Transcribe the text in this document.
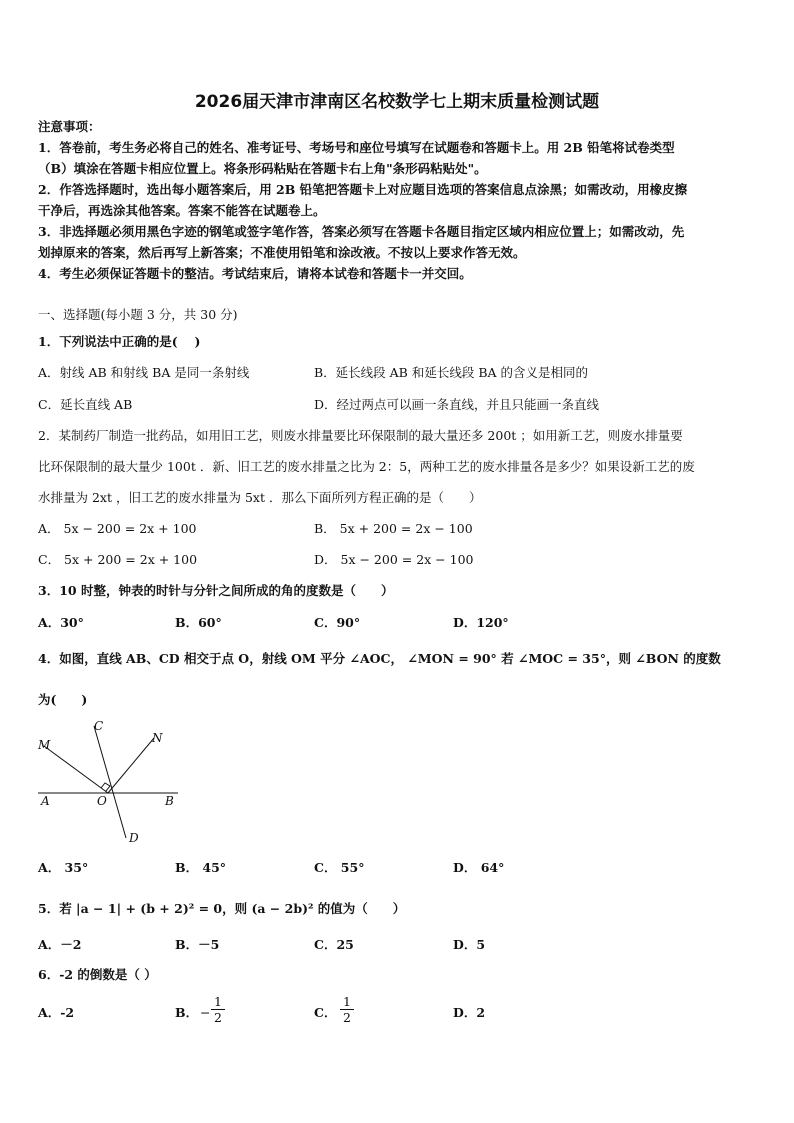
2026届天津市津南区名校数学七上期末质量检测试题
注意事项：
1．答卷前，考生务必将自己的姓名、准考证号、考场号和座位号填写在试题卷和答题卡上。用 2B 铅笔将试卷类型
（B）填涂在答题卡相应位置上。将条形码粘贴在答题卡右上角"条形码粘贴处"。
2．作答选择题时，选出每小题答案后，用 2B 铅笔把答题卡上对应题目选项的答案信息点涂黑；如需改动，用橡皮擦
干净后，再选涂其他答案。答案不能答在试题卷上。
3．非选择题必须用黑色字迹的钢笔或签字笔作答，答案必须写在答题卡各题目指定区域内相应位置上；如需改动，先
划掉原来的答案，然后再写上新答案；不准使用铅笔和涂改液。不按以上要求作答无效。
4．考生必须保证答题卡的整洁。考试结束后，请将本试卷和答题卡一并交回。
一、选择题(每小题 3 分，共 30 分)
1．下列说法中正确的是(　 )
A．射线 AB 和射线 BA 是同一条射线	B．延长线段 AB 和延长线段 BA 的含义是相同的
C．延长直线 AB	D．经过两点可以画一条直线，并且只能画一条直线
2．某制药厂制造一批药品，如用旧工艺，则废水排量要比环保限制的最大量还多 200t ；如用新工艺，则废水排量要
比环保限制的最大量少 100t ．新、旧工艺的废水排量之比为 2：5，两种工艺的废水排量各是多少？如果设新工艺的废
水排量为 2xt ，旧工艺的废水排量为 5xt ．那么下面所列方程正确的是（　　）
A． 5x − 200 = 2x + 100	B． 5x + 200 = 2x − 100
C． 5x + 200 = 2x + 100	D． 5x − 200 = 2x − 100
3．10 时整，钟表的时针与分针之间所成的角的度数是（　　）
A．30°	B．60°	C．90°	D．120°
4．如图，直线 AB、CD 相交于点 O，射线 OM 平分 ∠AOC， ∠MON = 90° 若 ∠MOC = 35°，则 ∠BON 的度数
为(　　)
M
C
N
A	O	B
D
A． 35°	B． 45°	C． 55°	D． 64°
5．若 |a − 1| + (b + 2)² = 0，则 (a − 2b)² 的值为（　　）
A．－2	B．－5	C．25	D．5
6．-2 的倒数是（ ）
A．-2	B． − $\frac{1}{2}$	C． $\frac{1}{2}$	D．2
